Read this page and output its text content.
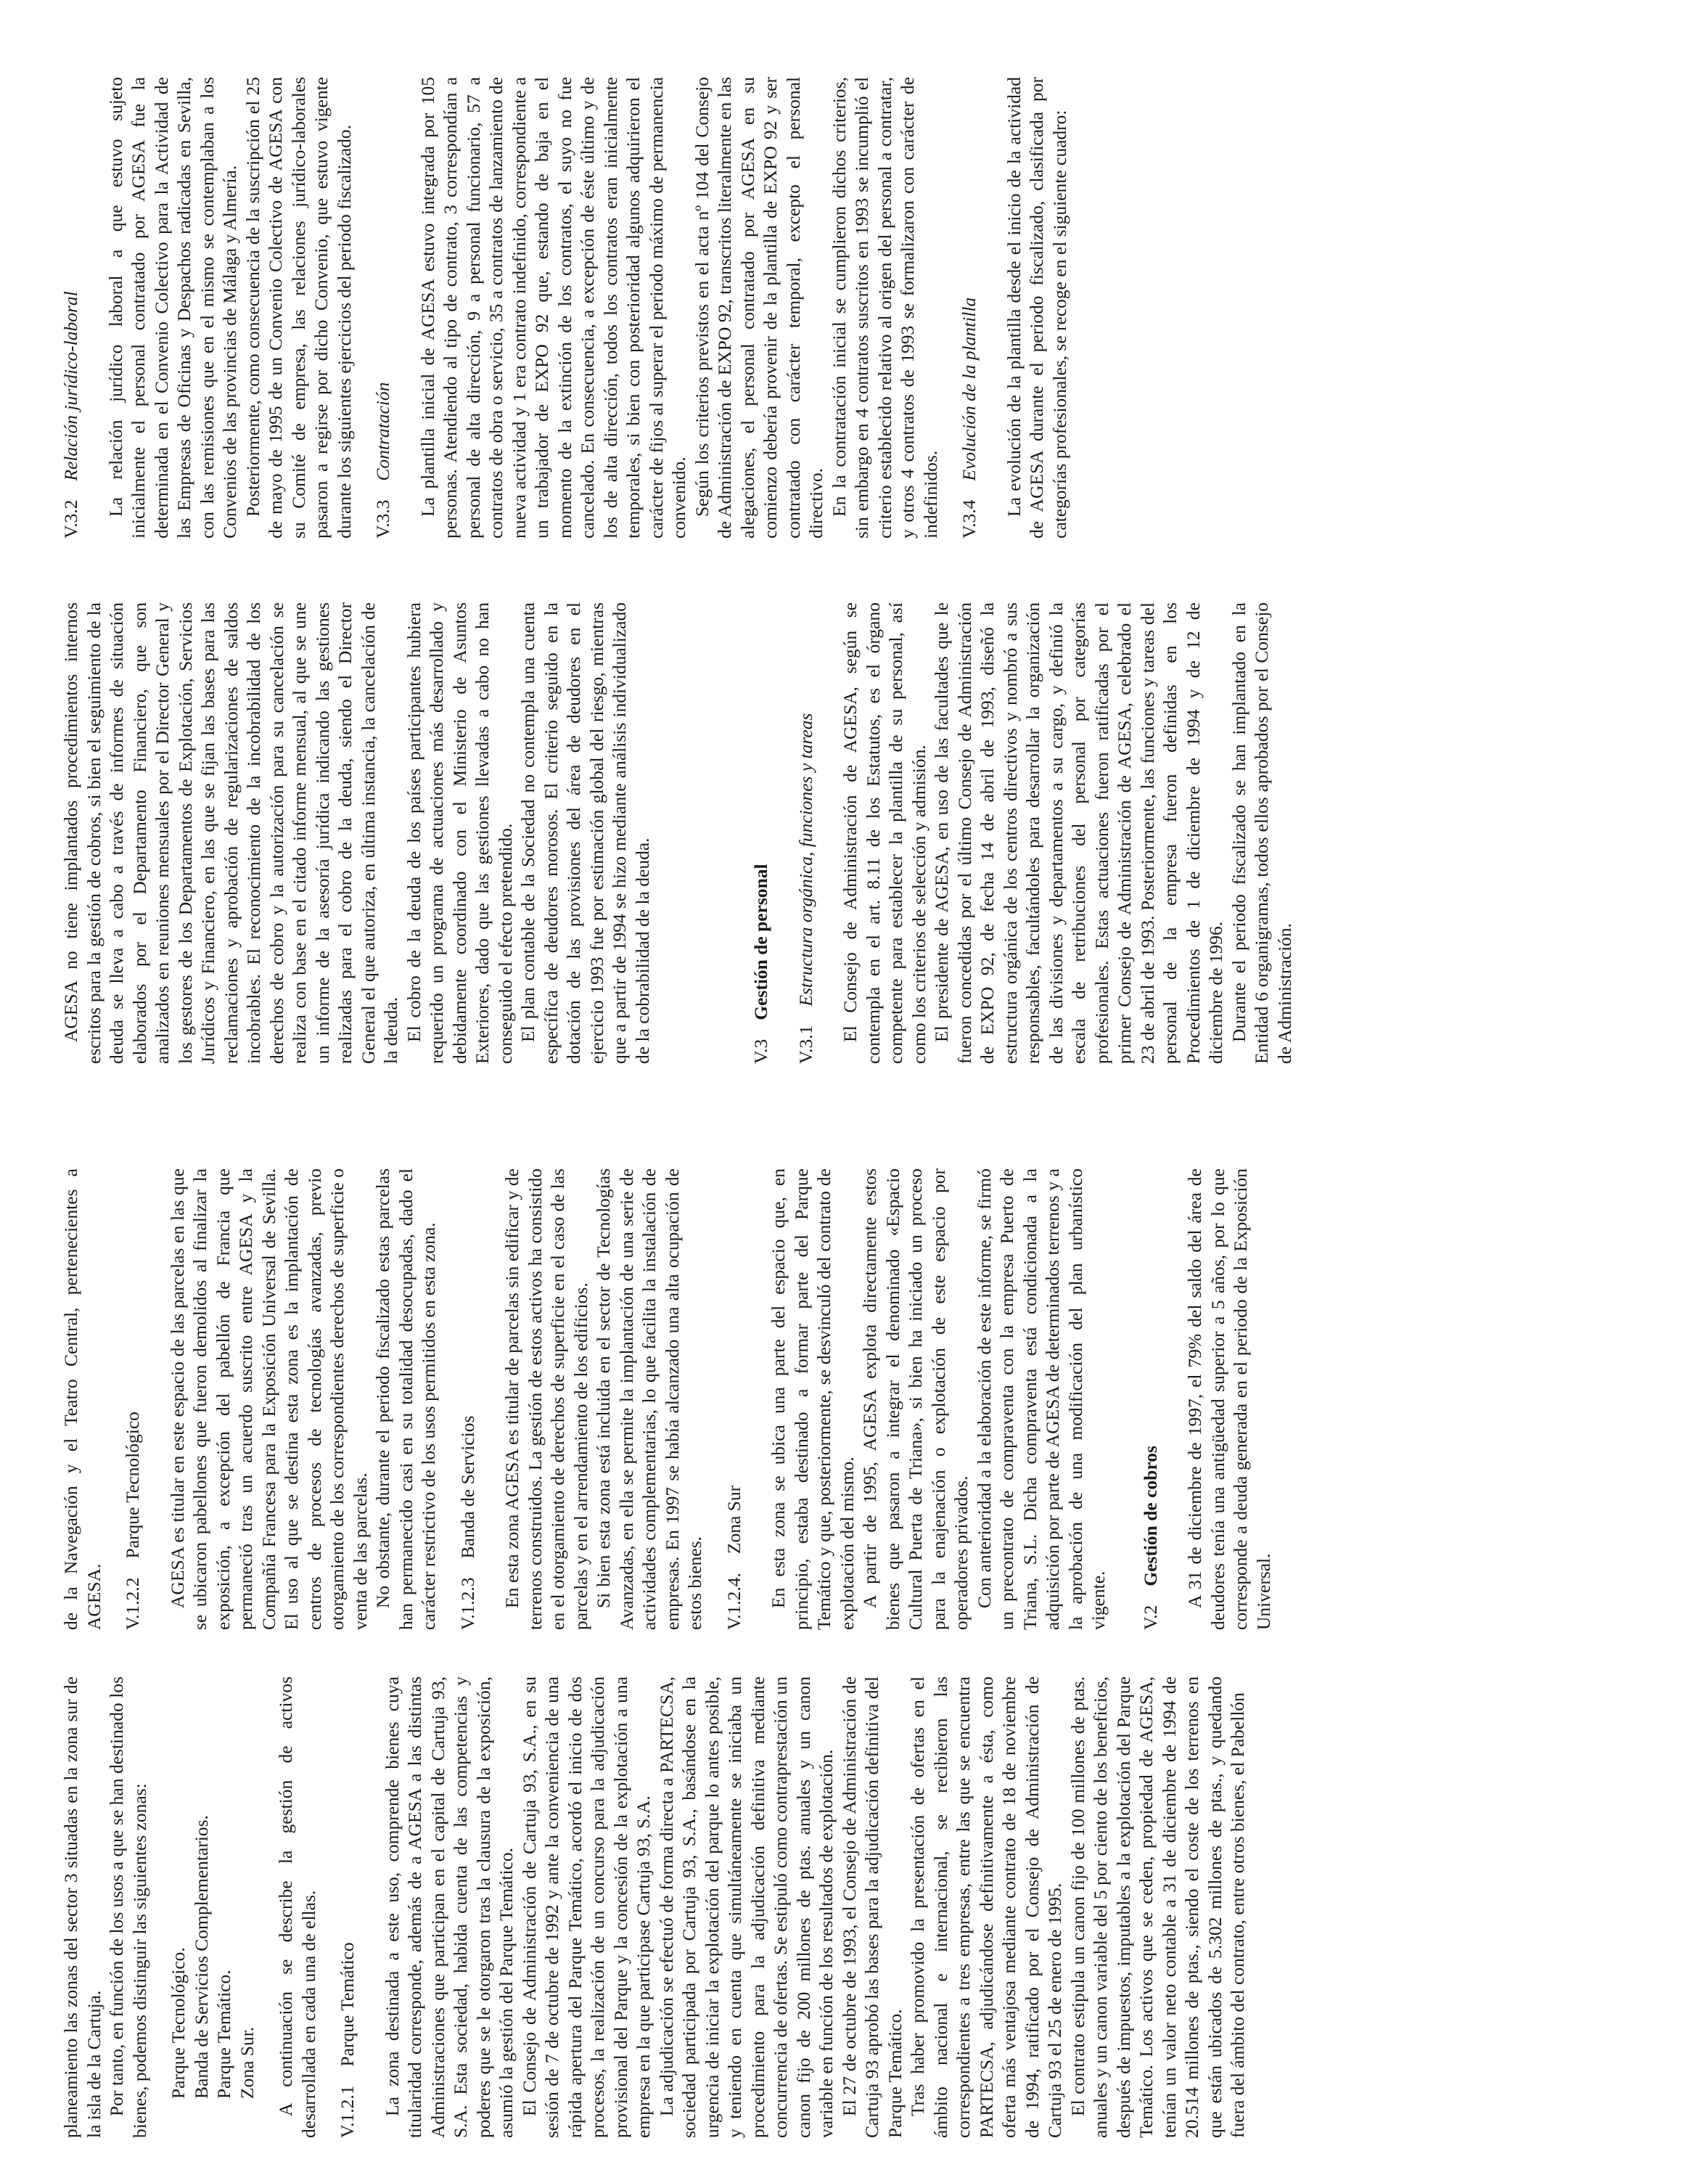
planeamiento las zonas del sector 3 situadas en la zona sur de la isla de la Cartuja. Por tanto, en función de los usos a que se han destinado los bienes, podemos distinguir las siguientes zonas: Parque Tecnológico. Banda de Servicios Complementarios. Parque Temático. Zona Sur. A continuación se describe la gestión de activos desarrollada en cada una de ellas. V.1.2.1Parque Temático La zona destinada a este uso, comprende bienes cuya titularidad corresponde, además de a AGESA a las distintas Administraciones que participan en el capital de Cartuja 93, S.A. Esta sociedad, habida cuenta de las competencias y poderes que se le otorgaron tras la clausura de la exposición, asumió la gestión del Parque Temático. El Consejo de Administración de Cartuja 93, S.A., en su sesión de 7 de octubre de 1992 y ante la conveniencia de una rápida apertura del Parque Temático, acordó el inicio de dos procesos, la realización de un concurso para la adjudicación provisional del Parque y la concesión de la explotación a una empresa en la que participase Cartuja 93, S.A. La adjudicación se efectuó de forma directa a PARTECSA, sociedad participada por Cartuja 93, S.A., basándose en la urgencia de iniciar la explotación del parque lo antes posible, y teniendo en cuenta que simultáneamente se iniciaba un procedimiento para la adjudicación definitiva mediante concurrencia de ofertas. Se estipuló como contraprestación un canon fijo de 200 millones de ptas. anuales y un canon variable en función de los resultados de explotación. El 27 de octubre de 1993, el Consejo de Administración de Cartuja 93 aprobó las bases para la adjudicación definitiva del Parque Temático. Tras haber promovido la presentación de ofertas en el ámbito nacional e internacional, se recibieron las correspondientes a tres empresas, entre las que se encuentra PARTECSA, adjudicándose definitivamente a ésta, como oferta más ventajosa mediante contrato de 18 de noviembre de 1994, ratificado por el Consejo de Administración de Cartuja 93 el 25 de enero de 1995. El contrato estipula un canon fijo de 100 millones de ptas. anuales y un canon variable del 5 por ciento de los beneficios, después de impuestos, imputables a la explotación del Parque Temático. Los activos que se ceden, propiedad de AGESA, tenían un valor neto contable a 31 de diciembre de 1994 de 20.514 millones de ptas., siendo el coste de los terrenos en que están ubicados de 5.302 millones de ptas., y quedando fuera del ámbito del contrato, entre otros bienes, el Pabellón

de la Navegación y el Teatro Central, pertenecientes a AGESA. V.1.2.2Parque Tecnológico AGESA es titular en este espacio de las parcelas en las que se ubicaron pabellones que fueron demolidos al finalizar la exposición, a excepción del pabellón de Francia que permaneció tras un acuerdo suscrito entre AGESA y la Compañía Francesa para la Exposición Universal de Sevilla. El uso al que se destina esta zona es la implantación de centros de procesos de tecnologías avanzadas, previo otorgamiento de los correspondientes derechos de superficie o venta de las parcelas. No obstante, durante el periodo fiscalizado estas parcelas han permanecido casi en su totalidad desocupadas, dado el carácter restrictivo de los usos permitidos en esta zona. V.1.2.3Banda de Servicios En esta zona AGESA es titular de parcelas sin edificar y de terrenos construidos. La gestión de estos activos ha consistido en el otorgamiento de derechos de superficie en el caso de las parcelas y en el arrendamiento de los edificios. Si bien esta zona está incluida en el sector de Tecnologías Avanzadas, en ella se permite la implantación de una serie de actividades complementarias, lo que facilita la instalación de empresas. En 1997 se había alcanzado una alta ocupación de estos bienes. V.1.2.4.Zona Sur En esta zona se ubica una parte del espacio que, en principio, estaba destinado a formar parte del Parque Temático y que, posteriormente, se desvinculó del contrato de explotación del mismo. A partir de 1995, AGESA explota directamente estos bienes que pasaron a integrar el denominado «Espacio Cultural Puerta de Triana», si bien ha iniciado un proceso para la enajenación o explotación de este espacio por operadores privados. Con anterioridad a la elaboración de este informe, se firmó un precontrato de compraventa con la empresa Puerto de Triana, S.L. Dicha compraventa está condicionada a la adquisición por parte de AGESA de determinados terrenos y a la aprobación de una modificación del plan urbanístico vigente. V.2Gestión de cobros A 31 de diciembre de 1997, el 79% del saldo del área de deudores tenía una antigüedad superior a 5 años, por lo que corresponde a deuda generada en el periodo de la Exposición Universal.

AGESA no tiene implantados procedimientos internos escritos para la gestión de cobros, si bien el seguimiento de la deuda se lleva a cabo a través de informes de situación elaborados por el Departamento Financiero, que son analizados en reuniones mensuales por el Director General y los gestores de los Departamentos de Explotación, Servicios Jurídicos y Financiero, en las que se fijan las bases para las reclamaciones y aprobación de regularizaciones de saldos incobrables. El reconocimiento de la incobrabilidad de los derechos de cobro y la autorización para su cancelación se realiza con base en el citado informe mensual, al que se une un informe de la asesoría jurídica indicando las gestiones realizadas para el cobro de la deuda, siendo el Director General el que autoriza, en última instancia, la cancelación de la deuda. El cobro de la deuda de los países participantes hubiera requerido un programa de actuaciones más desarrollado y debidamente coordinado con el Ministerio de Asuntos Exteriores, dado que las gestiones llevadas a cabo no han conseguido el efecto pretendido. El plan contable de la Sociedad no contempla una cuenta específica de deudores morosos. El criterio seguido en la dotación de las provisiones del área de deudores en el ejercicio 1993 fue por estimación global del riesgo, mientras que a partir de 1994 se hizo mediante análisis individualizado de la cobrabilidad de la deuda.	V.3Gestión de personal
V.3.1Estructura orgánica, funciones y tareas El Consejo de Administración de AGESA, según se contempla en el art. 8.11 de los Estatutos, es el órgano competente para establecer la plantilla de su personal, así como los criterios de selección y admisión. El presidente de AGESA, en uso de las facultades que le fueron concedidas por el último Consejo de Administración de EXPO 92, de fecha 14 de abril de 1993, diseñó la estructura orgánica de los centros directivos y nombró a sus responsables, facultándoles para desarrollar la organización de las divisiones y departamentos a su cargo, y definió la escala de retribuciones del personal por categorías profesionales. Estas actuaciones fueron ratificadas por el primer Consejo de Administración de AGESA, celebrado el 23 de abril de 1993. Posteriormente, las funciones y tareas del personal de la empresa fueron definidas en los Procedimientos de 1 de diciembre de 1994 y de 12 de diciembre de 1996. Durante el periodo fiscalizado se han implantado en la Entidad 6 organigramas, todos ellos aprobados por el Consejo de Administración.

V.3.2Relación jurídico-laboral La relación jurídico laboral a que estuvo sujeto inicialmente el personal contratado por AGESA fue la determinada en el Convenio Colectivo para la Actividad de las Empresas de Oficinas y Despachos radicadas en Sevilla, con las remisiones que en el mismo se contemplaban a los Convenios de las provincias de Málaga y Almería. Posteriormente, como consecuencia de la suscripción el 25 de mayo de 1995 de un Convenio Colectivo de AGESA con su Comité de empresa, las relaciones jurídico-laborales pasaron a regirse por dicho Convenio, que estuvo vigente durante los siguientes ejercicios del periodo fiscalizado. V.3.3Contratación La plantilla inicial de AGESA estuvo integrada por 105 personas. Atendiendo al tipo de contrato, 3 correspondían a personal de alta dirección, 9 a personal funcionario, 57 a contratos de obra o servicio, 35 a contratos de lanzamiento de nueva actividad y 1 era contrato indefinido, correspondiente a un trabajador de EXPO 92 que, estando de baja en el momento de la extinción de los contratos, el suyo no fue cancelado. En consecuencia, a excepción de éste último y de los de alta dirección, todos los contratos eran inicialmente temporales, si bien con posterioridad algunos adquirieron el carácter de fijos al superar el periodo máximo de permanencia convenido. Según los criterios previstos en el acta nº 104 del Consejo de Administración de EXPO 92, transcritos literalmente en las alegaciones, el personal contratado por AGESA en su comienzo debería provenir de la plantilla de EXPO 92 y ser contratado con carácter temporal, excepto el personal directivo. En la contratación inicial se cumplieron dichos criterios, sin embargo en 4 contratos suscritos en 1993 se incumplió el criterio establecido relativo al origen del personal a contratar, y otros 4 contratos de 1993 se formalizaron con carácter de indefinidos. V.3.4Evolución de la plantilla La evolución de la plantilla desde el inicio de la actividad de AGESA durante el periodo fiscalizado, clasificada por categorías profesionales, se recoge en el siguiente cuadro:
